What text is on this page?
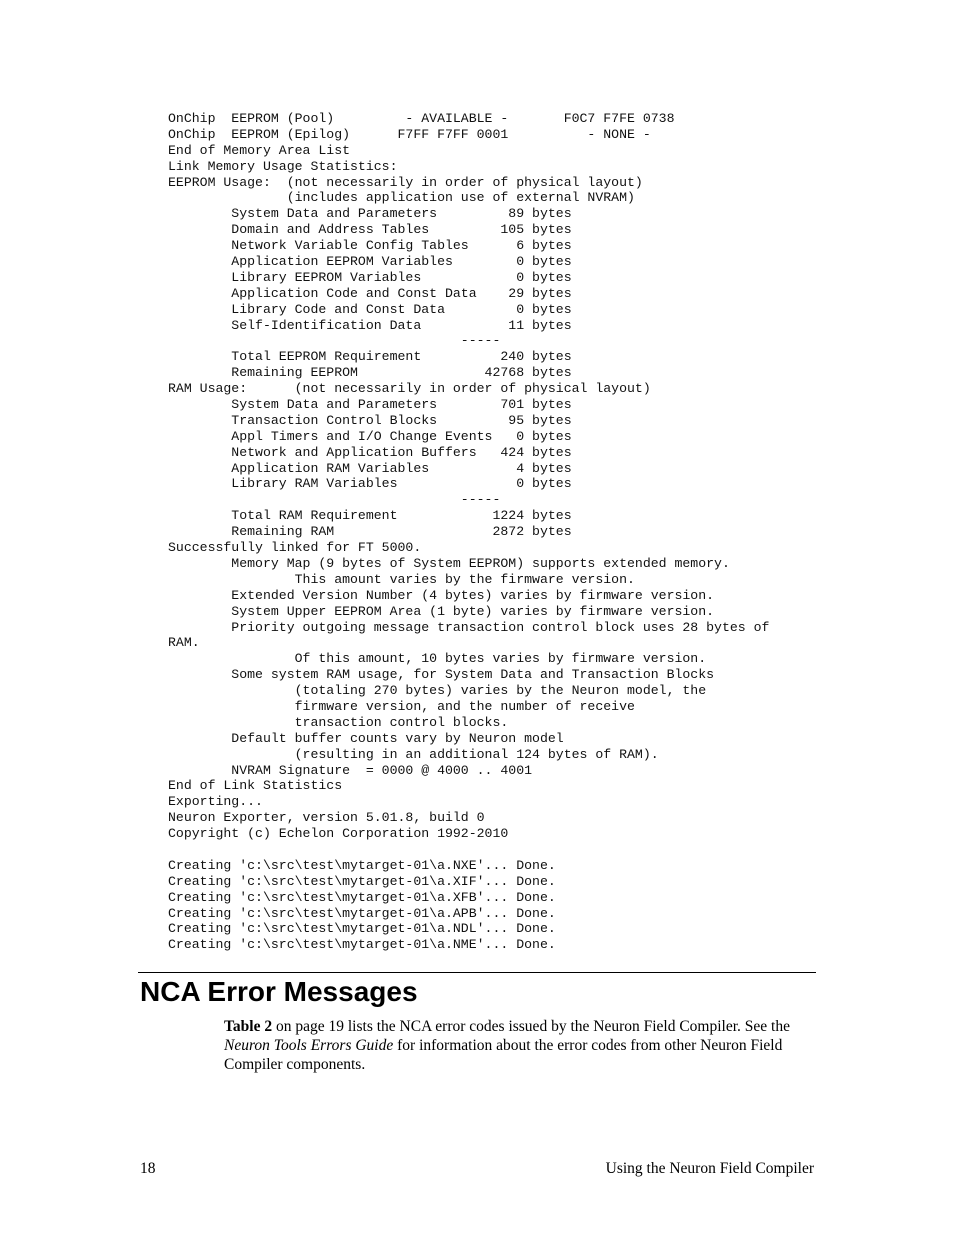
OnChip  EEPROM (Pool)         - AVAILABLE -       F0C7 F7FE 0738
OnChip  EEPROM (Epilog)      F7FF F7FF 0001          - NONE -
End of Memory Area List
Link Memory Usage Statistics:
EEPROM Usage:  (not necessarily in order of physical layout)
(includes application use of external NVRAM)
System Data and Parameters         89 bytes
Domain and Address Tables         105 bytes
Network Variable Config Tables      6 bytes
Application EEPROM Variables        0 bytes
Library EEPROM Variables            0 bytes
Application Code and Const Data    29 bytes
Library Code and Const Data         0 bytes
Self-Identification Data           11 bytes
-----
Total EEPROM Requirement          240 bytes
Remaining EEPROM                42768 bytes
RAM Usage:      (not necessarily in order of physical layout)
System Data and Parameters        701 bytes
Transaction Control Blocks         95 bytes
Appl Timers and I/O Change Events   0 bytes
Network and Application Buffers   424 bytes
Application RAM Variables           4 bytes
Library RAM Variables               0 bytes
-----
Total RAM Requirement            1224 bytes
Remaining RAM                    2872 bytes
Successfully linked for FT 5000.
Memory Map (9 bytes of System EEPROM) supports extended memory.
This amount varies by the firmware version.
Extended Version Number (4 bytes) varies by firmware version.
System Upper EEPROM Area (1 byte) varies by firmware version.
Priority outgoing message transaction control block uses 28 bytes of
RAM.
Of this amount, 10 bytes varies by firmware version.
Some system RAM usage, for System Data and Transaction Blocks
(totaling 270 bytes) varies by the Neuron model, the
firmware version, and the number of receive
transaction control blocks.
Default buffer counts vary by Neuron model
(resulting in an additional 124 bytes of RAM).
NVRAM Signature  = 0000 @ 4000 .. 4001
End of Link Statistics
Exporting...
Neuron Exporter, version 5.01.8, build 0
Copyright (c) Echelon Corporation 1992-2010
Creating 'c:\src\test\mytarget-01\a.NXE'... Done.
Creating 'c:\src\test\mytarget-01\a.XIF'... Done.
Creating 'c:\src\test\mytarget-01\a.XFB'... Done.
Creating 'c:\src\test\mytarget-01\a.APB'... Done.
Creating 'c:\src\test\mytarget-01\a.NDL'... Done.
Creating 'c:\src\test\mytarget-01\a.NME'... Done.
NCA Error Messages

Table 2 on page 19 lists the NCA error codes issued by the Neuron Field Compiler. See the Neuron Tools Errors Guide for information about the error codes from other Neuron Field Compiler components.

18	Using the Neuron Field Compiler
